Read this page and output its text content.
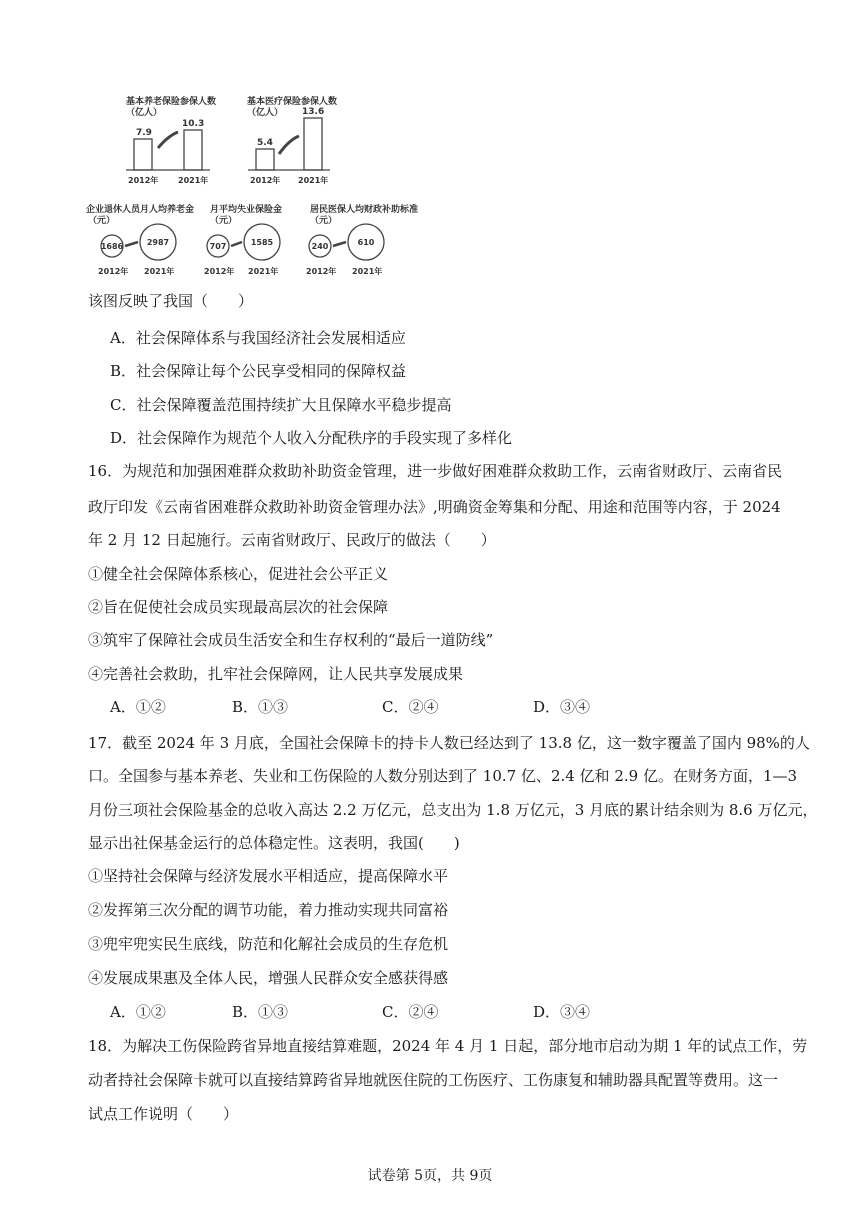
基本养老保险参保人数
（亿人）
7.9
10.3
2012年 2021年
基本医疗保险参保人数
（亿人）
5.4
13.6
2012年 2021年
企业退休人员月人均养老金
（元）
1686	2987
2012年 2021年
月平均失业保险金
（元）
707	1585
2012年 2021年
居民医保人均财政补助标准
（元）
240	610
2012年 2021年
该图反映了我国（　　）
A．社会保障体系与我国经济社会发展相适应
B．社会保障让每个公民享受相同的保障权益
C．社会保障覆盖范围持续扩大且保障水平稳步提高
D．社会保障作为规范个人收入分配秩序的手段实现了多样化
16．为规范和加强困难群众救助补助资金管理，进一步做好困难群众救助工作，云南省财政厅、云南省民
政厅印发《云南省困难群众救助补助资金管理办法》,明确资金筹集和分配、用途和范围等内容，于 2024
年 2 月 12 日起施行。云南省财政厅、民政厅的做法（　　）
①健全社会保障体系核心，促进社会公平正义
②旨在促使社会成员实现最高层次的社会保障
③筑牢了保障社会成员生活安全和生存权利的“最后一道防线”
④完善社会救助，扎牢社会保障网，让人民共享发展成果
A．①②	B．①③	C．②④	D．③④
17．截至 2024 年 3 月底，全国社会保障卡的持卡人数已经达到了 13.8 亿，这一数字覆盖了国内 98%的人
口。全国参与基本养老、失业和工伤保险的人数分别达到了 10.7 亿、2.4 亿和 2.9 亿。在财务方面，1—3
月份三项社会保险基金的总收入高达 2.2 万亿元，总支出为 1.8 万亿元，3 月底的累计结余则为 8.6 万亿元，
显示出社保基金运行的总体稳定性。这表明，我国(　　)
①坚持社会保障与经济发展水平相适应，提高保障水平
②发挥第三次分配的调节功能，着力推动实现共同富裕
③兜牢兜实民生底线，防范和化解社会成员的生存危机
④发展成果惠及全体人民，增强人民群众安全感获得感
A．①②	B．①③	C．②④	D．③④
18．为解决工伤保险跨省异地直接结算难题，2024 年 4 月 1 日起，部分地市启动为期 1 年的试点工作，劳
动者持社会保障卡就可以直接结算跨省异地就医住院的工伤医疗、工伤康复和辅助器具配置等费用。这一
试点工作说明（　　）
试卷第 5页，共 9页
